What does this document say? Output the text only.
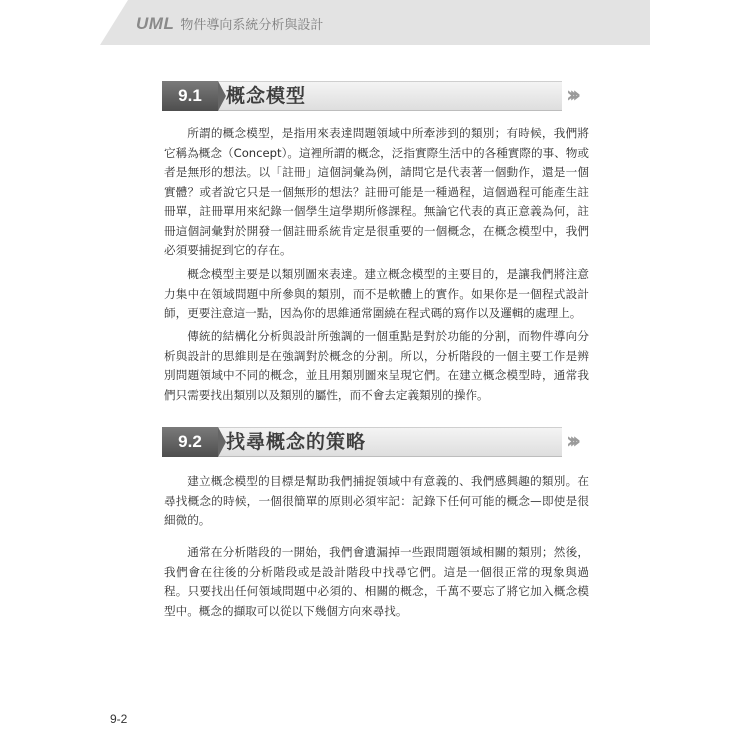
UML 物件導向系統分析與設計
9.1	概念模型	›››

所謂的概念模型，是指用來表達問題領域中所牽涉到的類別；有時候，我們將它稱為概念（Concept）。這裡所謂的概念，泛指實際生活中的各種實際的事、物或者是無形的想法。以「註冊」這個詞彙為例，請問它是代表著一個動作，還是一個實體？或者說它只是一個無形的想法？註冊可能是一種過程，這個過程可能產生註冊單，註冊單用來紀錄一個學生這學期所修課程。無論它代表的真正意義為何，註冊這個詞彙對於開發一個註冊系統肯定是很重要的一個概念，在概念模型中，我們必須要捕捉到它的存在。

概念模型主要是以類別圖來表達。建立概念模型的主要目的，是讓我們將注意力集中在領域問題中所參與的類別，而不是軟體上的實作。如果你是一個程式設計師，更要注意這一點，因為你的思維通常圍繞在程式碼的寫作以及邏輯的處理上。

傳統的結構化分析與設計所強調的一個重點是對於功能的分割，而物件導向分析與設計的思維則是在強調對於概念的分割。所以，分析階段的一個主要工作是辨別問題領域中不同的概念，並且用類別圖來呈現它們。在建立概念模型時，通常我們只需要找出類別以及類別的屬性，而不會去定義類別的操作。

9.2	找尋概念的策略	›››

建立概念模型的目標是幫助我們捕捉領域中有意義的、我們感興趣的類別。在尋找概念的時候，一個很簡單的原則必須牢記：記錄下任何可能的概念—即使是很細微的。

通常在分析階段的一開始，我們會遺漏掉一些跟問題領域相關的類別；然後，我們會在往後的分析階段或是設計階段中找尋它們。這是一個很正常的現象與過程。只要找出任何領域問題中必須的、相關的概念，千萬不要忘了將它加入概念模型中。概念的擷取可以從以下幾個方向來尋找。

9-2
